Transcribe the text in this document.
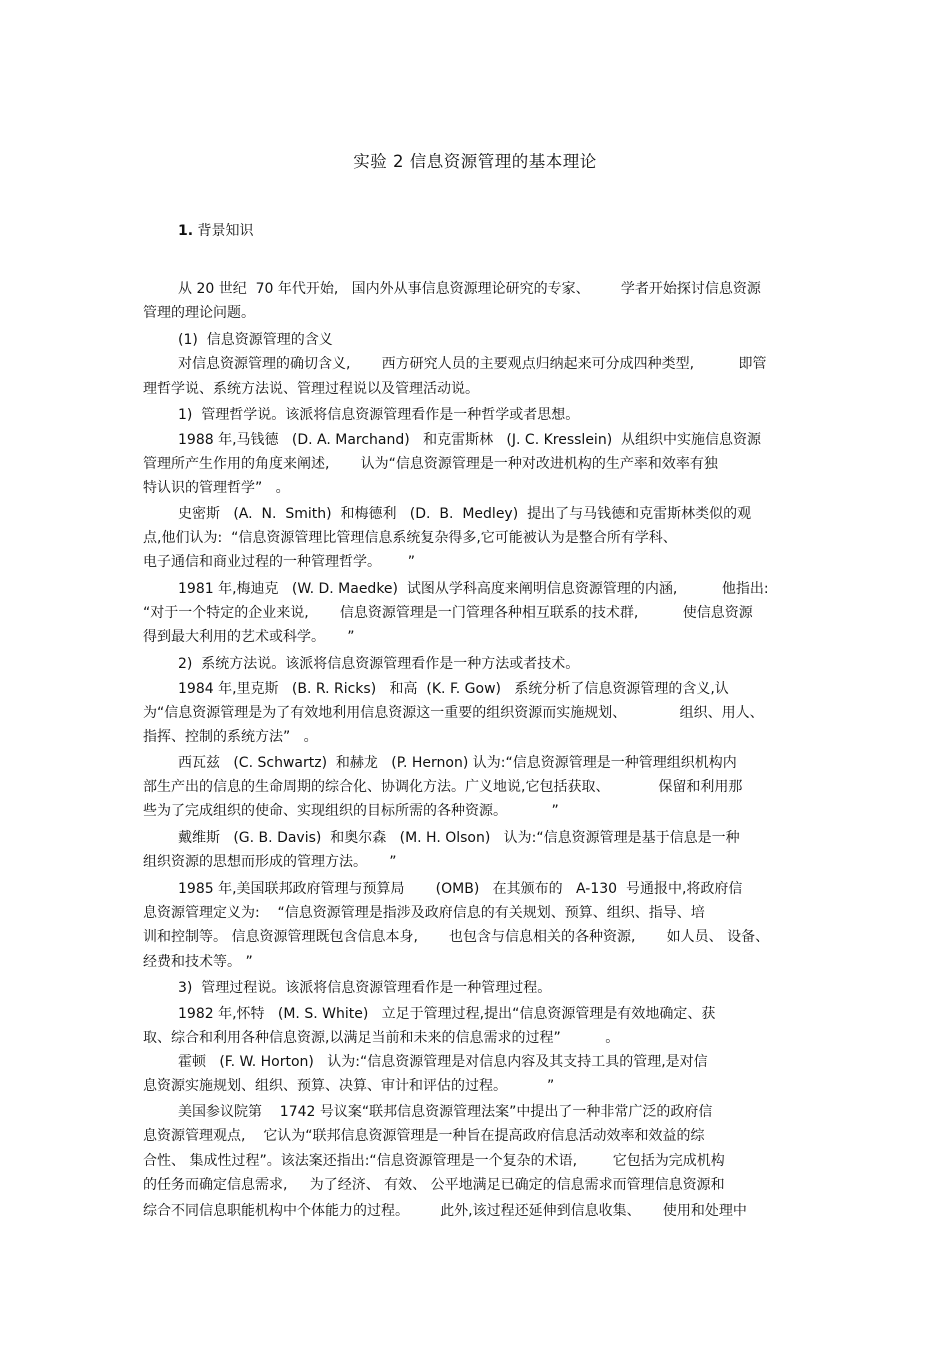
实验 2 信息资源管理的基本理论
1. 背景知识
从 20 世纪  70 年代开始,   国内外从事信息资源理论研究的专家、       学者开始探讨信息资源
管理的理论问题。
(1)  信息资源管理的含义
对信息资源管理的确切含义,       西方研究人员的主要观点归纳起来可分成四种类型,          即管
理哲学说、系统方法说、管理过程说以及管理活动说。
1)  管理哲学说。该派将信息资源管理看作是一种哲学或者思想。
1988 年,马钱德   (D. A. Marchand)   和克雷斯林   (J. C. Kresslein)  从组织中实施信息资源
管理所产生作用的角度来阐述,       认为“信息资源管理是一种对改进机构的生产率和效率有独
特认识的管理哲学”   。
史密斯   (A.  N.  Smith)  和梅德利   (D.  B.  Medley)  提出了与马钱德和克雷斯林类似的观
点,他们认为:  “信息资源管理比管理信息系统复杂得多,它可能被认为是整合所有学科、
电子通信和商业过程的一种管理哲学。      ”
1981 年,梅迪克   (W. D. Maedke)  试图从学科高度来阐明信息资源管理的内涵,          他指出:
“对于一个特定的企业来说,       信息资源管理是一门管理各种相互联系的技术群,          使信息资源
得到最大利用的艺术或科学。     ”
2)  系统方法说。该派将信息资源管理看作是一种方法或者技术。
1984 年,里克斯   (B. R. Ricks)   和高  (K. F. Gow)   系统分析了信息资源管理的含义,认
为“信息资源管理是为了有效地利用信息资源这一重要的组织资源而实施规划、            组织、用人、
指挥、控制的系统方法”   。
西瓦兹   (C. Schwartz)  和赫龙   (P. Hernon) 认为:“信息资源管理是一种管理组织机构内
部生产出的信息的生命周期的综合化、协调化方法。广义地说,它包括获取、           保留和利用那
些为了完成组织的使命、实现组织的目标所需的各种资源。          ”
戴维斯   (G. B. Davis)  和奥尔森   (M. H. Olson)   认为:“信息资源管理是基于信息是一种
组织资源的思想而形成的管理方法。     ”
1985 年,美国联邦政府管理与预算局       (OMB)   在其颁布的   A-130  号通报中,将政府信
息资源管理定义为:    “信息资源管理是指涉及政府信息的有关规划、预算、组织、指导、培
训和控制等。 信息资源管理既包含信息本身,       也包含与信息相关的各种资源,       如人员、 设备、
经费和技术等。 ”
3)  管理过程说。该派将信息资源管理看作是一种管理过程。
1982 年,怀特   (M. S. White)   立足于管理过程,提出“信息资源管理是有效地确定、获
取、综合和利用各种信息资源,以满足当前和未来的信息需求的过程”          。
霍顿   (F. W. Horton)   认为:“信息资源管理是对信息内容及其支持工具的管理,是对信
息资源实施规划、组织、预算、决算、审计和评估的过程。         ”
美国参议院第    1742 号议案“联邦信息资源管理法案”中提出了一种非常广泛的政府信
息资源管理观点,    它认为“联邦信息资源管理是一种旨在提高政府信息活动效率和效益的综
合性、 集成性过程”。该法案还指出:“信息资源管理是一个复杂的术语,        它包括为完成机构
的任务而确定信息需求,     为了经济、 有效、 公平地满足已确定的信息需求而管理信息资源和
综合不同信息职能机构中个体能力的过程。       此外,该过程还延伸到信息收集、     使用和处理中
